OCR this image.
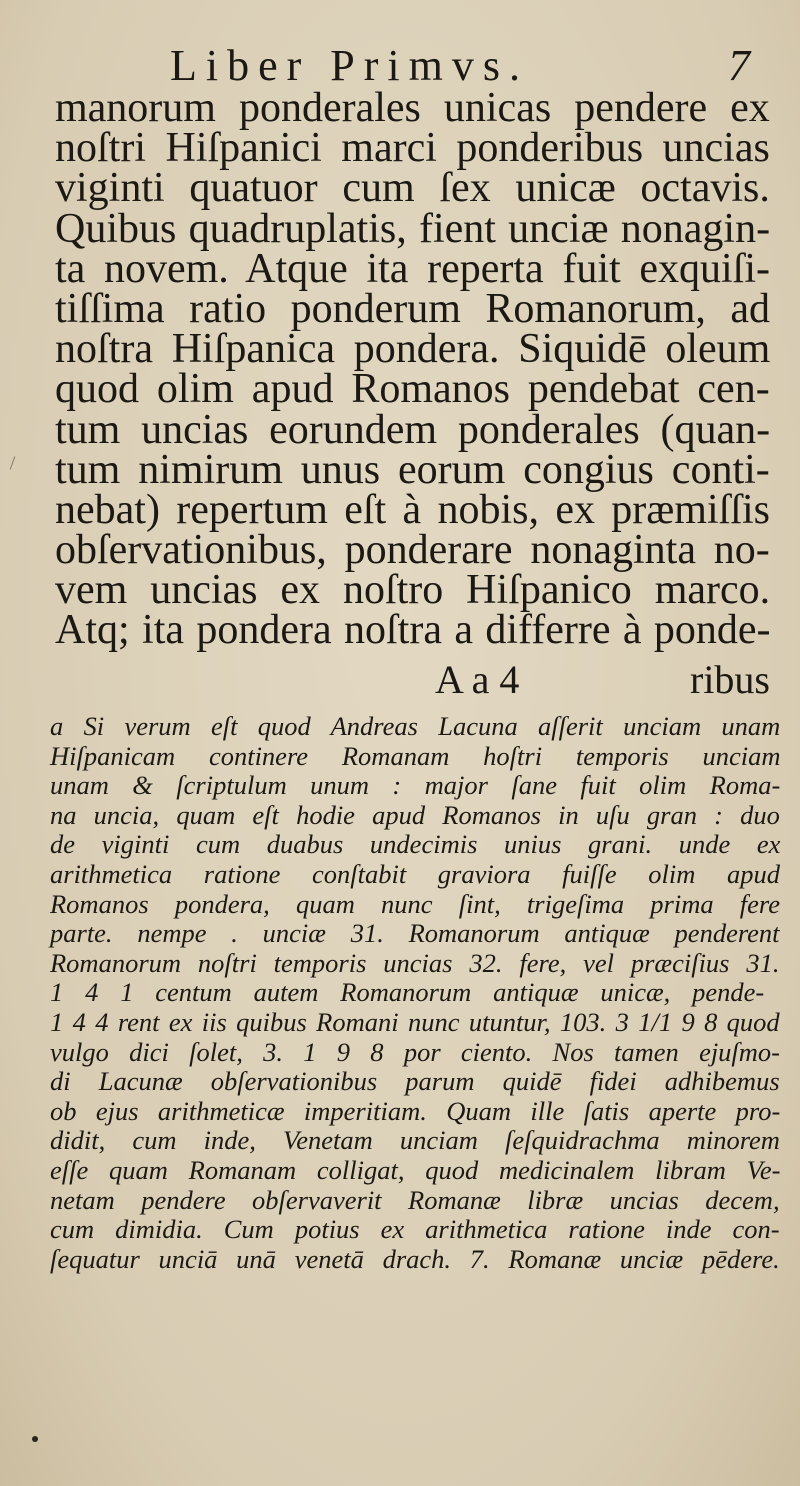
Liber Primvs.	7
manorum ponderales unicas pendere ex
noſtri Hiſpanici marci ponderibus uncias
viginti quatuor cum ſex unicæ octavis.
Quibus quadruplatis, fient unciæ nonagin-
ta novem. Atque ita reperta fuit exquiſi-
tiſſima ratio ponderum Romanorum, ad
noſtra Hiſpanica pondera. Siquidē oleum
quod olim apud Romanos pendebat cen-
tum uncias eorundem ponderales (quan-
tum nimirum unus eorum congius conti-
nebat) repertum eſt à nobis, ex præmiſſis
obſervationibus, ponderare nonaginta no-
vem uncias ex noſtro Hiſpanico marco.
Atq; ita pondera noſtra a differre à ponde-
A a 4	ribus
a Si verum eſt quod Andreas Lacuna aſſerit unciam unam
Hiſpanicam continere Romanam hoſtri temporis unciam
unam & ſcriptulum unum : major ſane fuit olim Roma-
na uncia, quam eſt hodie apud Romanos in uſu gran : duo
de viginti cum duabus undecimis unius grani. unde ex
arithmetica ratione conſtabit graviora fuiſſe olim apud
Romanos pondera, quam nunc ſint, trigeſima prima fere
parte. nempe . unciæ 31. Romanorum antiquæ penderent
Romanorum noſtri temporis uncias 32. fere, vel præciſius 31.
1 4 1 centum autem Romanorum antiquæ unicæ, pende-
1 4 4 rent ex iis quibus Romani nunc utuntur, 103. 3 1/1 9 8 quod
vulgo dici ſolet, 3. 1 9 8 por ciento. Nos tamen ejuſmo-
di Lacunæ obſervationibus parum quidē fidei adhibemus
ob ejus arithmeticæ imperitiam. Quam ille ſatis aperte pro-
didit, cum inde, Venetam unciam ſeſquidrachma minorem
eſſe quam Romanam colligat, quod medicinalem libram Ve-
netam pendere obſervaverit Romanæ libræ uncias decem,
cum dimidia. Cum potius ex arithmetica ratione inde con-
ſequatur unciā unā venetā drach. 7. Romanæ unciæ pēdere.
